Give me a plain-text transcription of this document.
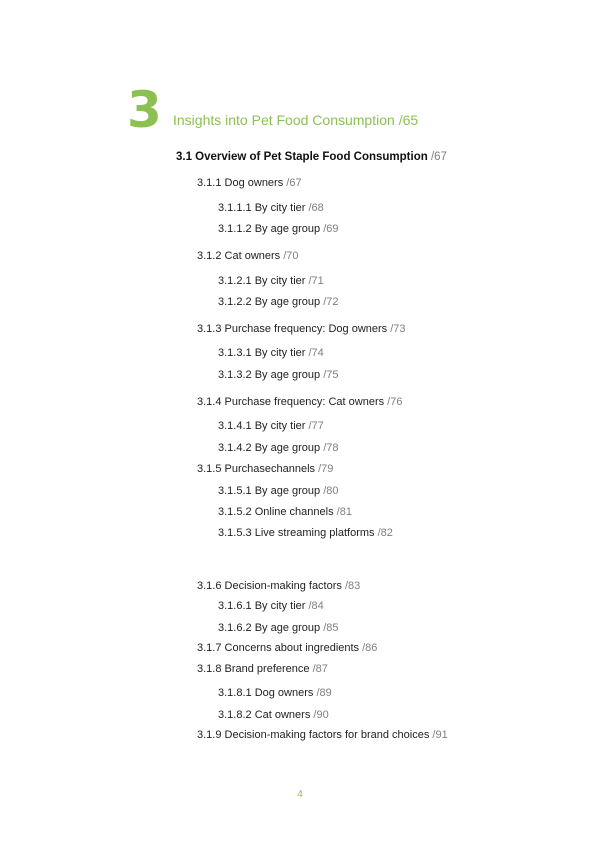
3 Insights into Pet Food Consumption /65
3.1 Overview of Pet Staple Food Consumption /67
3.1.1 Dog owners /67
3.1.1.1 By city tier /68
3.1.1.2 By age group /69
3.1.2 Cat owners /70
3.1.2.1 By city tier /71
3.1.2.2 By age group /72
3.1.3 Purchase frequency: Dog owners /73
3.1.3.1 By city tier /74
3.1.3.2 By age group /75
3.1.4 Purchase frequency: Cat owners /76
3.1.4.1 By city tier /77
3.1.4.2 By age group /78
3.1.5 Purchasechannels /79
3.1.5.1 By age group /80
3.1.5.2 Online channels /81
3.1.5.3 Live streaming platforms /82
3.1.6 Decision-making factors /83
3.1.6.1 By city tier /84
3.1.6.2 By age group /85
3.1.7 Concerns about ingredients /86
3.1.8 Brand preference /87
3.1.8.1 Dog owners /89
3.1.8.2 Cat owners /90
3.1.9 Decision-making factors for brand choices /91
4
